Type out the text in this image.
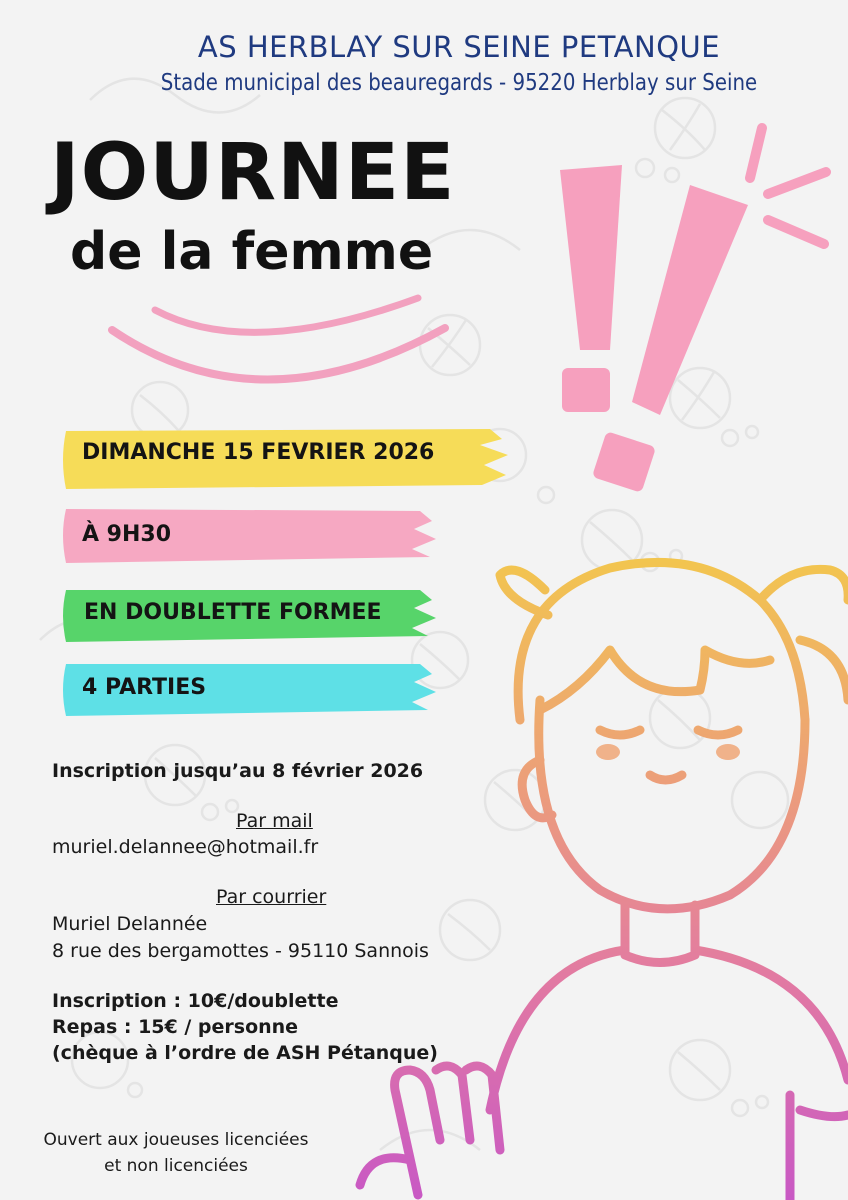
AS HERBLAY SUR SEINE PETANQUE
Stade municipal des beauregards - 95220 Herblay sur Seine
JOURNEE
de la femme
DIMANCHE 15 FEVRIER 2026
À 9H30
EN DOUBLETTE FORMEE
4 PARTIES
Inscription jusqu’au 8 février 2026
Par mail
muriel.delannee@hotmail.fr
Par courrier
Muriel Delannée
8 rue des bergamottes - 95110 Sannois
Inscription : 10€/doublette
Repas : 15€ / personne
(chèque à l’ordre de ASH Pétanque)
Ouvert aux joueuses licenciées
et non licenciées
